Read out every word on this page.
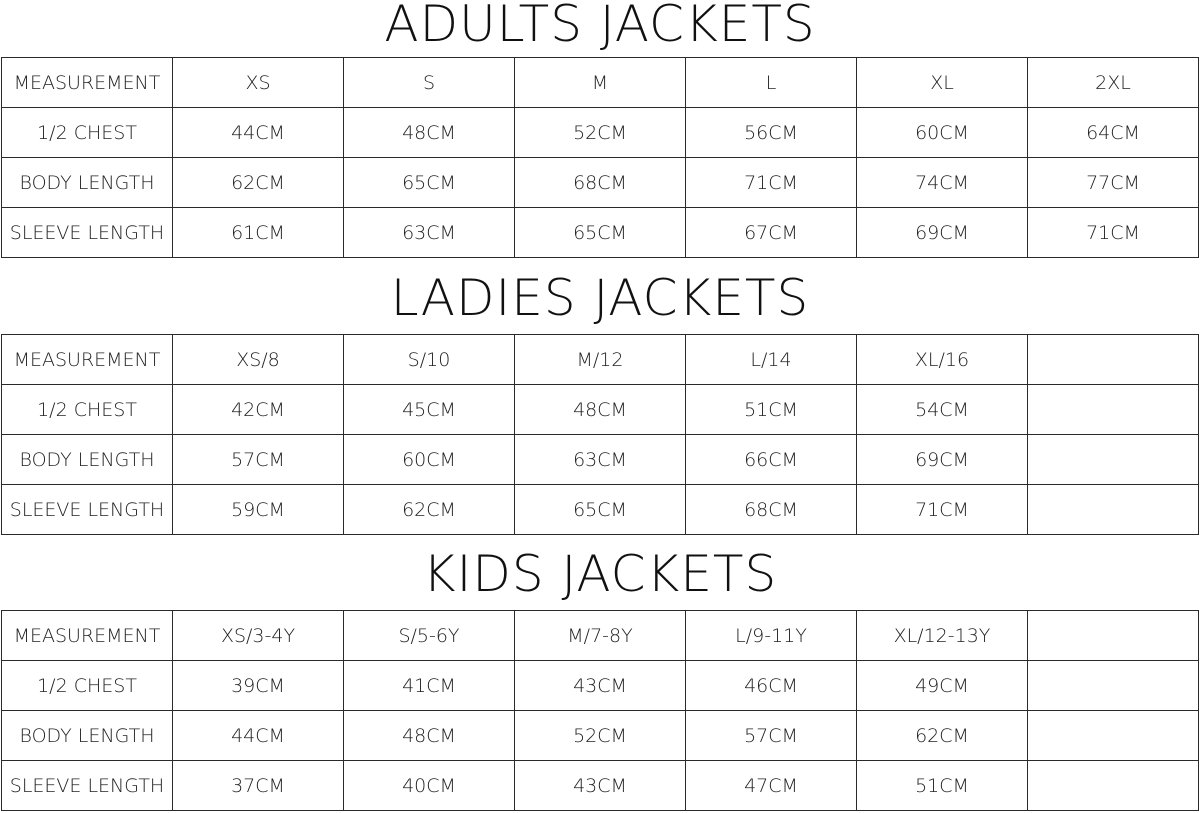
ADULTS JACKETS
MEASUREMENT	XS	S	M	L	XL	2XL
1/2 CHEST	44CM	48CM	52CM	56CM	60CM	64CM
BODY LENGTH	62CM	65CM	68CM	71CM	74CM	77CM
SLEEVE LENGTH	61CM	63CM	65CM	67CM	69CM	71CM
LADIES JACKETS
MEASUREMENT	XS/8	S/10	M/12	L/14	XL/16	
1/2 CHEST	42CM	45CM	48CM	51CM	54CM	
BODY LENGTH	57CM	60CM	63CM	66CM	69CM	
SLEEVE LENGTH	59CM	62CM	65CM	68CM	71CM	
KIDS JACKETS
MEASUREMENT	XS/3-4Y	S/5-6Y	M/7-8Y	L/9-11Y	XL/12-13Y	
1/2 CHEST	39CM	41CM	43CM	46CM	49CM	
BODY LENGTH	44CM	48CM	52CM	57CM	62CM	
SLEEVE LENGTH	37CM	40CM	43CM	47CM	51CM	
